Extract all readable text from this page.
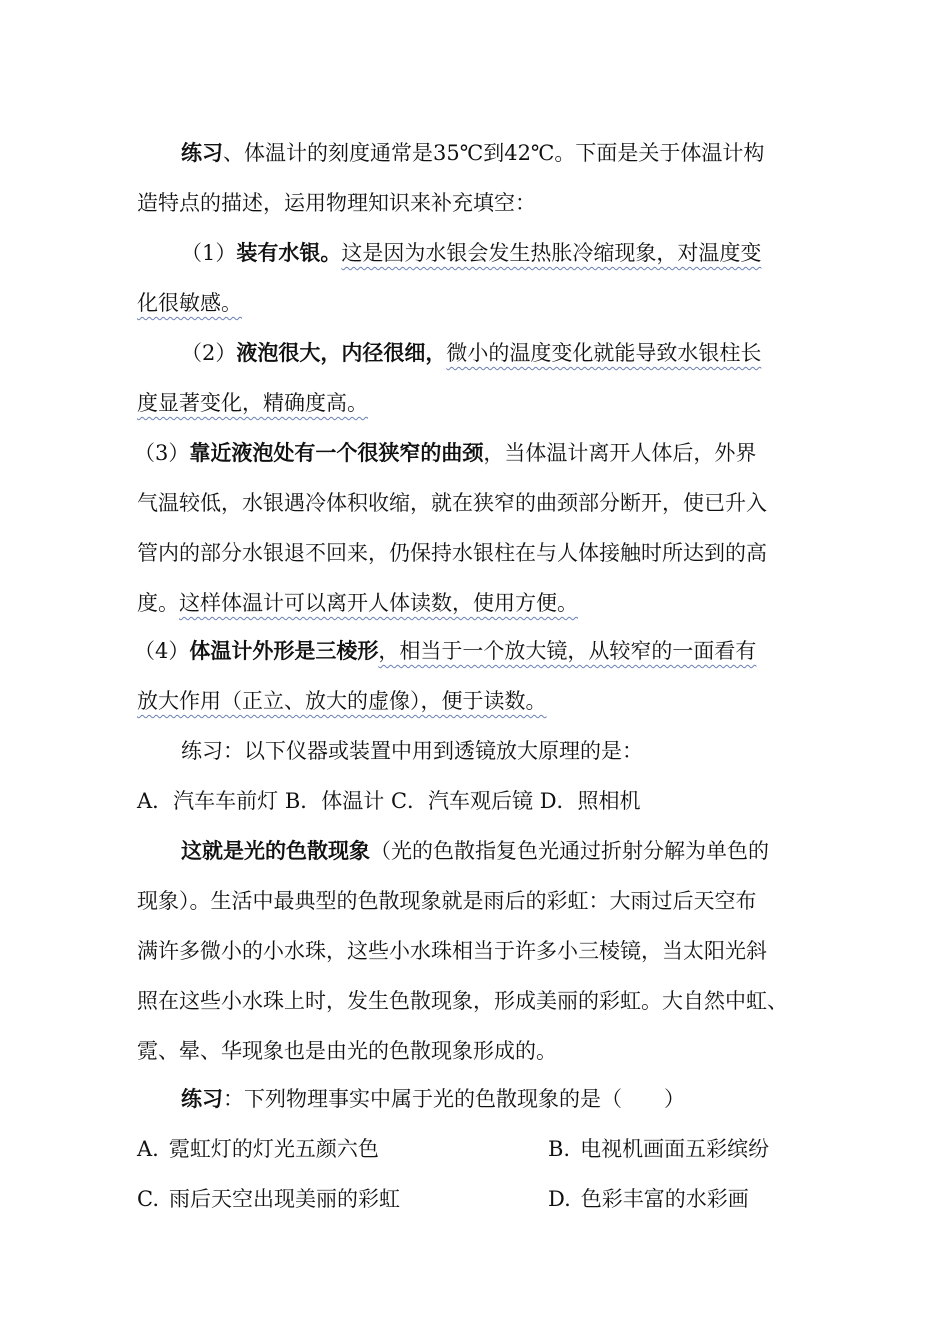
练习、体温计的刻度通常是35℃到42℃。下面是关于体温计构
造特点的描述，运用物理知识来补充填空：
（1）装有水银。这是因为水银会发生热胀冷缩现象，对温度变
化很敏感。
（2）液泡很大，内径很细，微小的温度变化就能导致水银柱长
度显著变化，精确度高。
（3）靠近液泡处有一个很狭窄的曲颈，当体温计离开人体后，外界
气温较低，水银遇冷体积收缩，就在狭窄的曲颈部分断开，使已升入
管内的部分水银退不回来，仍保持水银柱在与人体接触时所达到的高
度。这样体温计可以离开人体读数，使用方便。
（4）体温计外形是三棱形，相当于一个放大镜，从较窄的一面看有
放大作用（正立、放大的虚像），便于读数。
练习：以下仪器或装置中用到透镜放大原理的是：
A．汽车车前灯 B．体温计 C．汽车观后镜 D．照相机
这就是光的色散现象（光的色散指复色光通过折射分解为单色的
现象）。生活中最典型的色散现象就是雨后的彩虹：大雨过后天空布
满许多微小的小水珠，这些小水珠相当于许多小三棱镜，当太阳光斜
照在这些小水珠上时，发生色散现象，形成美丽的彩虹。大自然中虹、
霓、晕、华现象也是由光的色散现象形成的。
练习：下列物理事实中属于光的色散现象的是（　　）
A. 霓虹灯的灯光五颜六色	B. 电视机画面五彩缤纷
C. 雨后天空出现美丽的彩虹	D. 色彩丰富的水彩画
